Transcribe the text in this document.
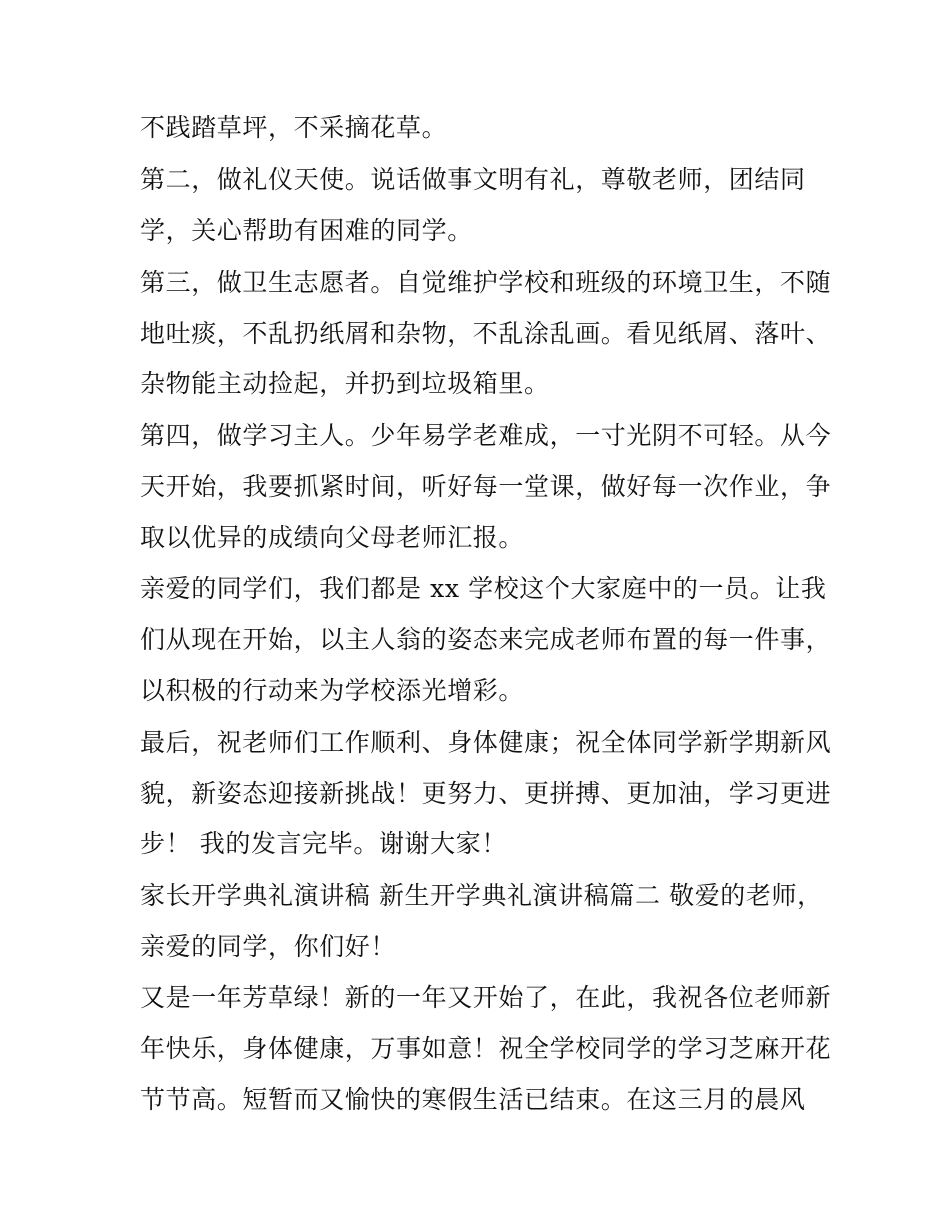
不践踏草坪，不采摘花草。
第二，做礼仪天使。说话做事文明有礼，尊敬老师，团结同
学，关心帮助有困难的同学。
第三，做卫生志愿者。自觉维护学校和班级的环境卫生，不随
地吐痰，不乱扔纸屑和杂物，不乱涂乱画。看见纸屑、落叶、
杂物能主动捡起，并扔到垃圾箱里。
第四，做学习主人。少年易学老难成，一寸光阴不可轻。从今
天开始，我要抓紧时间，听好每一堂课，做好每一次作业，争
取以优异的成绩向父母老师汇报。
亲爱的同学们，我们都是 xx 学校这个大家庭中的一员。让我
们从现在开始，以主人翁的姿态来完成老师布置的每一件事，
以积极的行动来为学校添光增彩。
最后，祝老师们工作顺利、身体健康；祝全体同学新学期新风
貌，新姿态迎接新挑战！更努力、更拼搏、更加油，学习更进
步！ 我的发言完毕。谢谢大家！
家长开学典礼演讲稿 新生开学典礼演讲稿篇二 敬爱的老师，
亲爱的同学，你们好！
又是一年芳草绿！新的一年又开始了，在此，我祝各位老师新
年快乐，身体健康，万事如意！祝全学校同学的学习芝麻开花
节节高。短暂而又愉快的寒假生活已结束。在这三月的晨风
